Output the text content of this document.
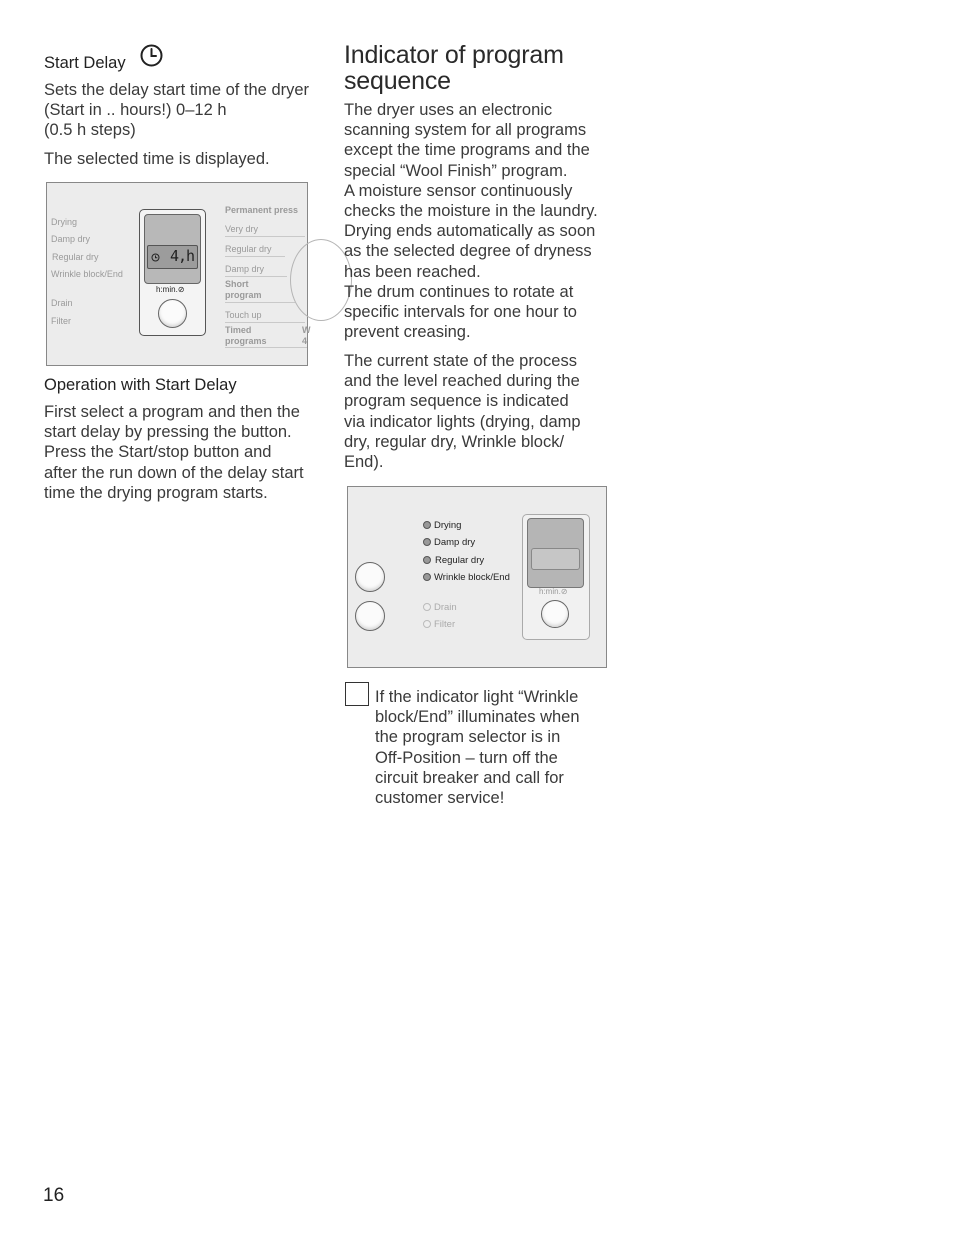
Start Delay
Sets the delay start time of the dryer
(Start in .. hours!) 0–12 h
(0.5 h steps)
The selected time is displayed.
Drying
Damp dry
Regular dry
Wrinkle block/End
Drain
Filter
4,h
h:min.⊘
Permanent press
Very dry
Regular dry
Damp dry
Short
program
Touch up
Timed
programs
W
4
Operation with Start Delay
First select a program and then the
start delay by pressing the button.
Press the Start/stop button and
after the run down of the delay start
time the drying program starts.
Indicator of program
sequence
The dryer uses an electronic
scanning system for all programs
except the time programs and the
special “Wool Finish” program.
A moisture sensor continuously
checks the moisture in the laundry.
Drying ends automatically as soon
as the selected degree of dryness
has been reached.
The drum continues to rotate at
specific intervals for one hour to
prevent creasing.
The current state of the process
and the level reached during the
program sequence is indicated
via indicator lights (drying, damp
dry, regular dry, Wrinkle block/
End).
Drying
Damp dry
Regular dry
Wrinkle block/End
Drain
Filter
h:min.⊘
If the indicator light “Wrinkle
block/End” illuminates when
the program selector is in
Off-Position – turn off the
circuit breaker and call for
customer service!
16
